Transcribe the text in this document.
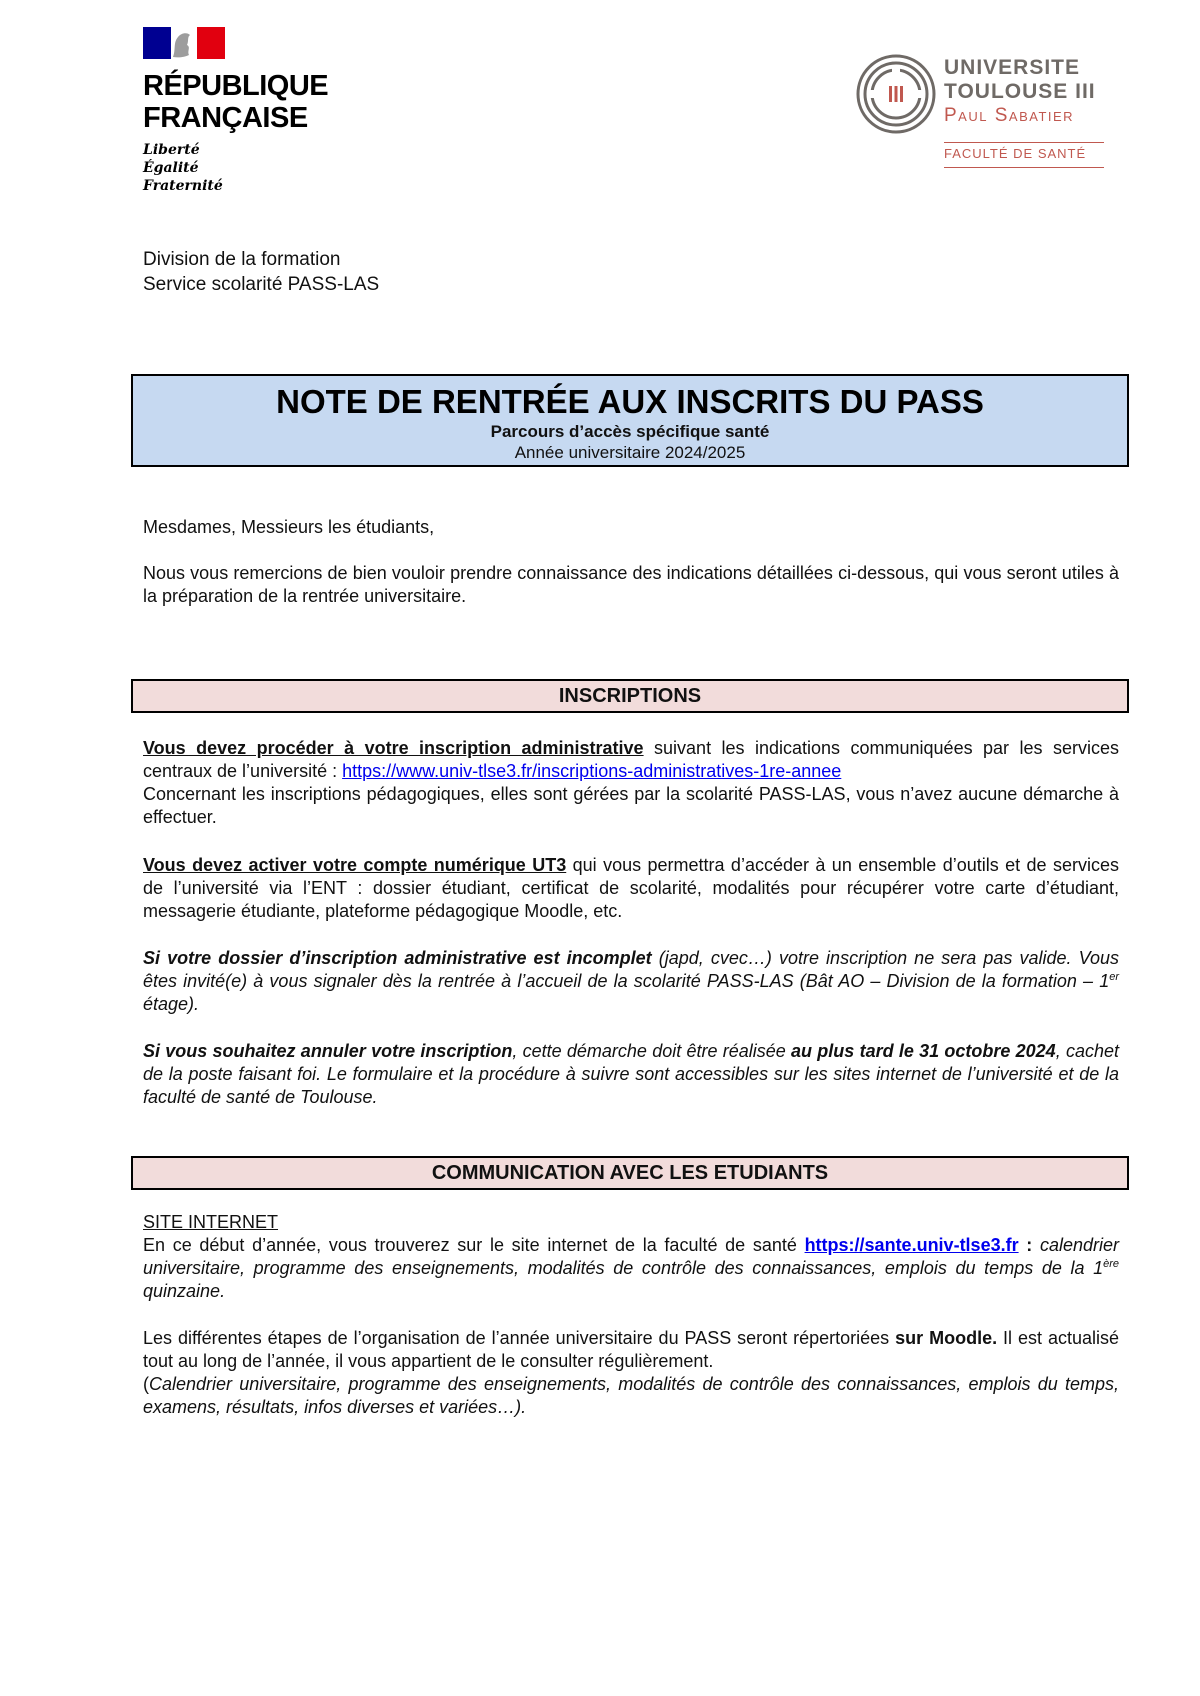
RÉPUBLIQUE
FRANÇAISE
Liberté
Égalité
Fraternité
UNIVERSITE
TOULOUSE III
Paul Sabatier
FACULTÉ DE SANTÉ
Division de la formation
Service scolarité PASS-LAS
NOTE DE RENTRÉE AUX INSCRITS DU PASS
Parcours d’accès spécifique santé
Année universitaire 2024/2025
Mesdames, Messieurs les étudiants,
Nous vous remercions de bien vouloir prendre connaissance des indications détaillées ci-dessous, qui vous seront utiles à la préparation de la rentrée universitaire.
INSCRIPTIONS
Vous devez procéder à votre inscription administrative suivant les indications communiquées par les services centraux de l’université : https://www.univ-tlse3.fr/inscriptions-administratives-1re-annee
Concernant les inscriptions pédagogiques, elles sont gérées par la scolarité PASS-LAS, vous n’avez aucune démarche à effectuer.
Vous devez activer votre compte numérique UT3 qui vous permettra d’accéder à un ensemble d’outils et de services de l’université via l’ENT : dossier étudiant, certificat de scolarité, modalités pour récupérer votre carte d’étudiant, messagerie étudiante, plateforme pédagogique Moodle, etc.
Si votre dossier d’inscription administrative est incomplet (japd, cvec…) votre inscription ne sera pas valide. Vous êtes invité(e) à vous signaler dès la rentrée à l’accueil de la scolarité PASS-LAS (Bât AO – Division de la formation – 1er étage).
Si vous souhaitez annuler votre inscription, cette démarche doit être réalisée au plus tard le 31 octobre 2024, cachet de la poste faisant foi. Le formulaire et la procédure à suivre sont accessibles sur les sites internet de l’université et de la faculté de santé de Toulouse.
COMMUNICATION AVEC LES ETUDIANTS
SITE INTERNET
En ce début d’année, vous trouverez sur le site internet de la faculté de santé https://sante.univ-tlse3.fr : calendrier universitaire, programme des enseignements, modalités de contrôle des connaissances, emplois du temps de la 1ère quinzaine.
Les différentes étapes de l’organisation de l’année universitaire du PASS seront répertoriées sur Moodle. Il est actualisé tout au long de l’année, il vous appartient de le consulter régulièrement.
(Calendrier universitaire, programme des enseignements, modalités de contrôle des connaissances, emplois du temps, examens, résultats, infos diverses et variées…).
